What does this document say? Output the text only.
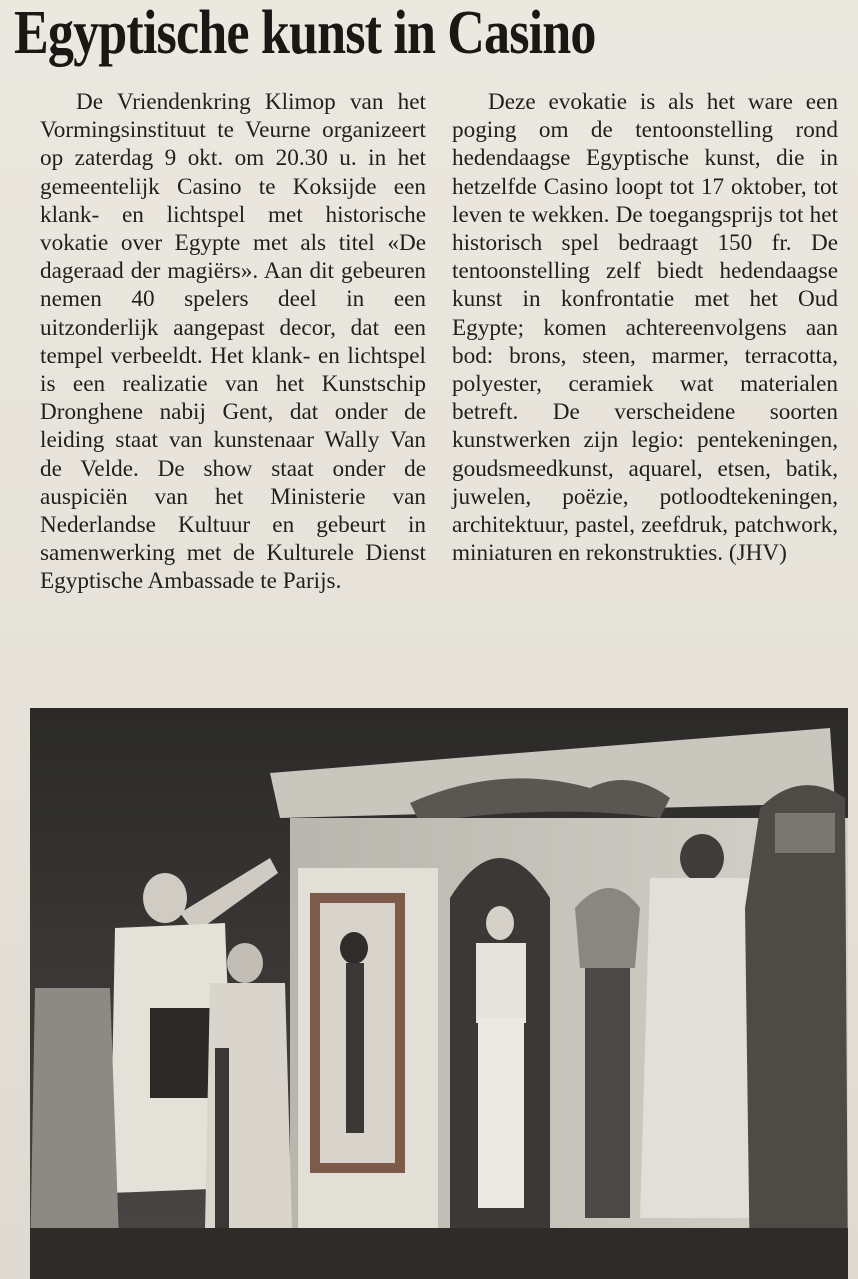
Egyptische kunst in Casino

De Vriendenkring Klimop van het Vormingsinstituut te Veurne organizeert op zaterdag 9 okt. om 20.30 u. in het gemeentelijk Casino te Koksijde een klank- en lichtspel met historische vokatie over Egypte met als titel «De dageraad der magiërs». Aan dit gebeuren nemen 40 spelers deel in een uitzonderlijk aangepast decor, dat een tempel verbeeldt. Het klank- en lichtspel is een realizatie van het Kunstschip Dronghene nabij Gent, dat onder de leiding staat van kunstenaar Wally Van de Velde. De show staat onder de auspiciën van het Ministerie van Nederlandse Kultuur en gebeurt in samenwerking met de Kulturele Dienst Egyptische Ambassade te Parijs.

Deze evokatie is als het ware een poging om de tentoonstelling rond hedendaagse Egyptische kunst, die in hetzelfde Casino loopt tot 17 oktober, tot leven te wekken. De toegangsprijs tot het historisch spel bedraagt 150 fr. De tentoonstelling zelf biedt hedendaagse kunst in konfrontatie met het Oud Egypte; komen achtereenvolgens aan bod: brons, steen, marmer, terracotta, polyester, ceramiek wat materialen betreft. De verscheidene soorten kunstwerken zijn legio: pentekeningen, goudsmeedkunst, aquarel, etsen, batik, juwelen, poëzie, potloodtekeningen, architektuur, pastel, zeefdruk, patchwork, miniaturen en rekonstrukties. (JHV)
